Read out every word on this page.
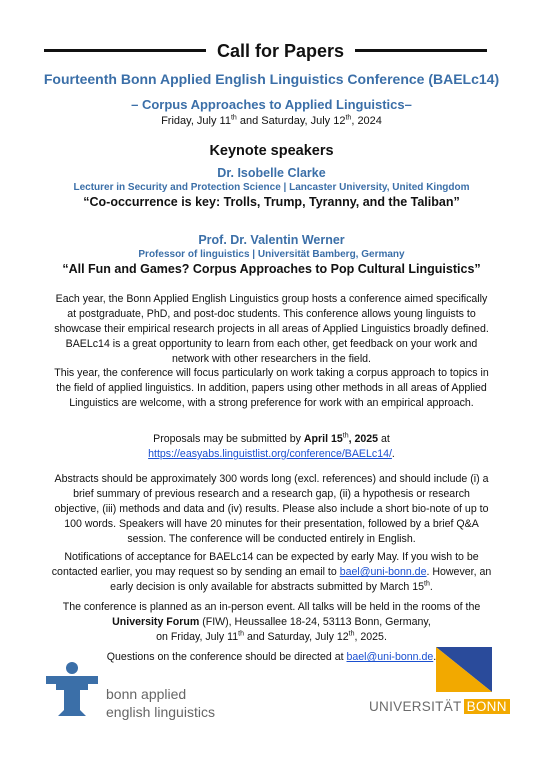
Call for Papers
Fourteenth Bonn Applied English Linguistics Conference (BAELc14)
– Corpus Approaches to Applied Linguistics–
Friday, July 11th and Saturday, July 12th, 2024
Keynote speakers
Dr. Isobelle Clarke
Lecturer in Security and Protection Science | Lancaster University, United Kingdom
“Co-occurrence is key: Trolls, Trump, Tyranny, and the Taliban”
Prof. Dr. Valentin Werner
Professor of linguistics | Universität Bamberg, Germany
“All Fun and Games? Corpus Approaches to Pop Cultural Linguistics”
Each year, the Bonn Applied English Linguistics group hosts a conference aimed specifically at postgraduate, PhD, and post-doc students. This conference allows young linguists to showcase their empirical research projects in all areas of Applied Linguistics broadly defined. BAELc14 is a great opportunity to learn from each other, get feedback on your work and network with other researchers in the field.
This year, the conference will focus particularly on work taking a corpus approach to topics in the field of applied linguistics. In addition, papers using other methods in all areas of Applied Linguistics are welcome, with a strong preference for work with an empirical approach.
Proposals may be submitted by April 15th, 2025 at
https://easyabs.linguistlist.org/conference/BAELc14/.
Abstracts should be approximately 300 words long (excl. references) and should include (i) a brief summary of previous research and a research gap, (ii) a hypothesis or research objective, (iii) methods and data and (iv) results. Please also include a short bio-note of up to 100 words. Speakers will have 20 minutes for their presentation, followed by a brief Q&A session. The conference will be conducted entirely in English.
Notifications of acceptance for BAELc14 can be expected by early May. If you wish to be contacted earlier, you may request so by sending an email to bael@uni-bonn.de. However, an early decision is only available for abstracts submitted by March 15th.
The conference is planned as an in-person event. All talks will be held in the rooms of the University Forum (FIW), Heussallee 18-24, 53113 Bonn, Germany,
on Friday, July 11th and Saturday, July 12th, 2025.
Questions on the conference should be directed at bael@uni-bonn.de.
bonn applied
english linguistics	UNIVERSITÄT BONN
